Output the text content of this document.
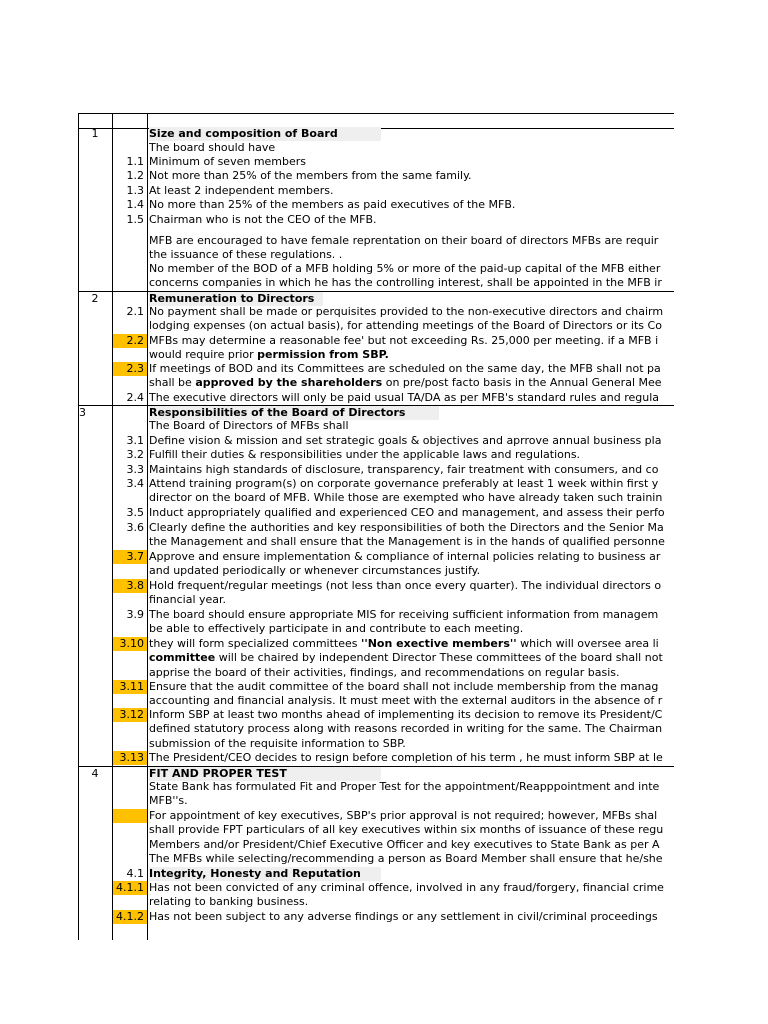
1	Size and composition of Board
The board should have
1.1 Minimum of seven members
1.2 Not more than 25% of the members from the same family.
1.3 At least 2 independent members.
1.4 No more than 25% of the members as paid executives of the MFB.
1.5 Chairman who is not the CEO of the MFB.
MFB are encouraged to have female reprentation on their board of directors MFBs are requir
the issuance of these regulations. .
No member of the BOD of a MFB holding 5% or more of the paid-up capital of the MFB either
concerns companies in which he has the controlling interest, shall be appointed in the MFB ir
2	Remuneration to Directors
2.1 No payment shall be made or perquisites provided to the non-executive directors and chairm
lodging expenses (on actual basis), for attending meetings of the Board of Directors or its Co
2.2 MFBs may determine a reasonable fee' but not exceeding Rs. 25,000 per meeting. if a MFB i
would require prior permission from SBP.
2.3 If meetings of BOD and its Committees are scheduled on the same day, the MFB shall not pa
shall be approved by the shareholders on pre/post facto basis in the Annual General Mee
2.4 The executive directors will only be paid usual TA/DA as per MFB's standard rules and regula
3	Responsibilities of the Board of Directors
The Board of Directors of MFBs shall
3.1 Define vision & mission and set strategic goals & objectives and aprrove annual business pla
3.2 Fulfill their duties & responsibilities under the applicable laws and regulations.
3.3 Maintains high standards of disclosure, transparency, fair treatment with consumers, and co
3.4 Attend training program(s) on corporate governance preferably at least 1 week within first y
director on the board of MFB. While those are exempted who have already taken such trainin
3.5 Induct appropriately qualified and experienced CEO and management, and assess their perfo
3.6 Clearly define the authorities and key responsibilities of both the Directors and the Senior Ma
the Management and shall ensure that the Management is in the hands of qualified personne
3.7 Approve and ensure implementation & compliance of internal policies relating to business ar
and updated periodically or whenever circumstances justify.
3.8 Hold frequent/regular meetings (not less than once every quarter). The individual directors o
financial year.
3.9 The board should ensure appropriate MIS for receiving sufficient information from managem
be able to effectively participate in and contribute to each meeting.
3.10 they will form specialized committees ''Non exective members'' which will oversee area li
committee will be chaired by independent Director These committees of the board shall not
apprise the board of their activities, findings, and recommendations on regular basis.
3.11 Ensure that the audit committee of the board shall not include membership from the manag
accounting and financial analysis. It must meet with the external auditors in the absence of r
3.12 Inform SBP at least two months ahead of implementing its decision to remove its President/C
defined statutory process along with reasons recorded in writing for the same. The Chairman
submission of the requisite information to SBP.
3.13 The President/CEO decides to resign before completion of his term , he must inform SBP at le
4	FIT AND PROPER TEST
State Bank has formulated Fit and Proper Test for the appointment/Reapppointment and inte
MFB''s.
For appointment of key executives, SBP's prior approval is not required; however, MFBs shal
shall provide FPT particulars of all key executives within six months of issuance of these regu
Members and/or President/Chief Executive Officer and key executives to State Bank as per A
The MFBs while selecting/recommending a person as Board Member shall ensure that he/she
4.1 Integrity, Honesty and Reputation
4.1.1 Has not been convicted of any criminal offence, involved in any fraud/forgery, financial crime
relating to banking business.
4.1.2 Has not been subject to any adverse findings or any settlement in civil/criminal proceedings
